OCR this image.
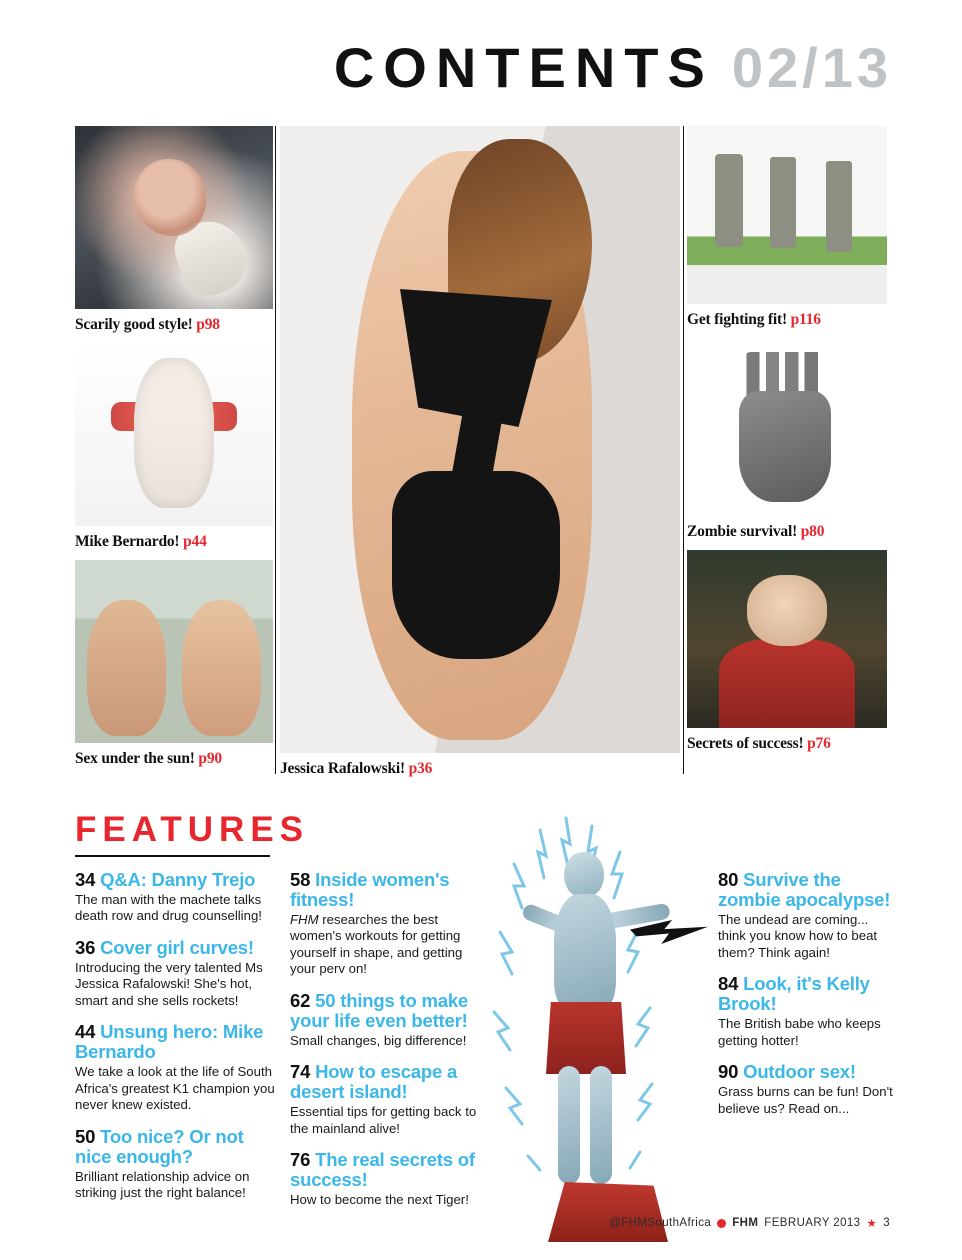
CONTENTS 02/13
Scarily good style! p98
Mike Bernardo! p44
Sex under the sun! p90
Jessica Rafalowski! p36
Get fighting fit! p116
Zombie survival! p80
Secrets of success! p76
FEATURES
34 Q&A: Danny Trejo

The man with the machete talks death row and drug counselling!

36 Cover girl curves!

Introducing the very talented Ms Jessica Rafalowski! She's hot, smart and she sells rockets!

44 Unsung hero: Mike Bernardo

We take a look at the life of South Africa's greatest K1 champion you never knew existed.

50 Too nice? Or not nice enough?

Brilliant relationship advice on striking just the right balance!

58 Inside women's fitness!

FHM researches the best women's workouts for getting yourself in shape, and getting your perv on!

62 50 things to make your life even better!

Small changes, big difference!

74 How to escape a desert island!

Essential tips for getting back to the mainland alive!

76 The real secrets of success!

How to become the next Tiger!

80 Survive the zombie apocalypse!

The undead are coming... think you know how to beat them? Think again!

84 Look, it's Kelly Brook!

The British babe who keeps getting hotter!

90 Outdoor sex!

Grass burns can be fun! Don't believe us? Read on...

@FHMSouthAfrica FHM FEBRUARY 2013 ★ 3
